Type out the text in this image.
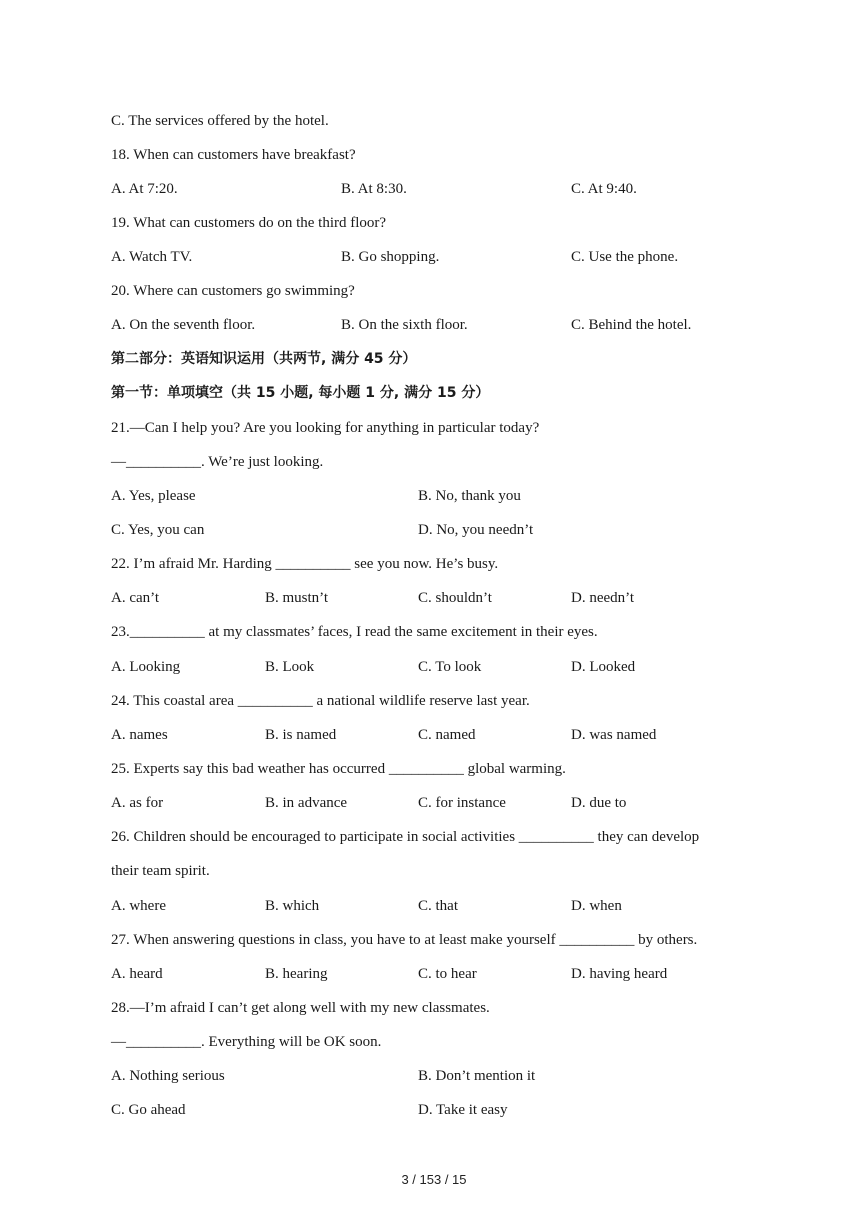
C. The services offered by the hotel.
18. When can customers have breakfast?
A. At 7:20.	B. At 8:30.	C. At 9:40.
19. What can customers do on the third floor?
A. Watch TV.	B. Go shopping.	C. Use the phone.
20. Where can customers go swimming?
A. On the seventh floor.	B. On the sixth floor.	C. Behind the hotel.
第二部分：英语知识运用（共两节, 满分 45 分）
第一节：单项填空（共 15 小题, 每小题 1 分, 满分 15 分）
21.—Can I help you? Are you looking for anything in particular today?
—__________. We’re just looking.
A. Yes, please	B. No, thank you
C. Yes, you can	D. No, you needn’t
22. I’m afraid Mr. Harding __________ see you now. He’s busy.
A. can’t	B. mustn’t	C. shouldn’t	D. needn’t
23.__________ at my classmates’ faces, I read the same excitement in their eyes.
A. Looking	B. Look	C. To look	D. Looked
24. This coastal area __________ a national wildlife reserve last year.
A. names	B. is named	C. named	D. was named
25. Experts say this bad weather has occurred __________ global warming.
A. as for	B. in advance	C. for instance	D. due to
26. Children should be encouraged to participate in social activities __________ they can develop
their team spirit.
A. where	B. which	C. that	D. when
27. When answering questions in class, you have to at least make yourself __________ by others.
A. heard	B. hearing	C. to hear	D. having heard
28.—I’m afraid I can’t get along well with my new classmates.
—__________. Everything will be OK soon.
A. Nothing serious	B. Don’t mention it
C. Go ahead	D. Take it easy
3 / 153 / 15
